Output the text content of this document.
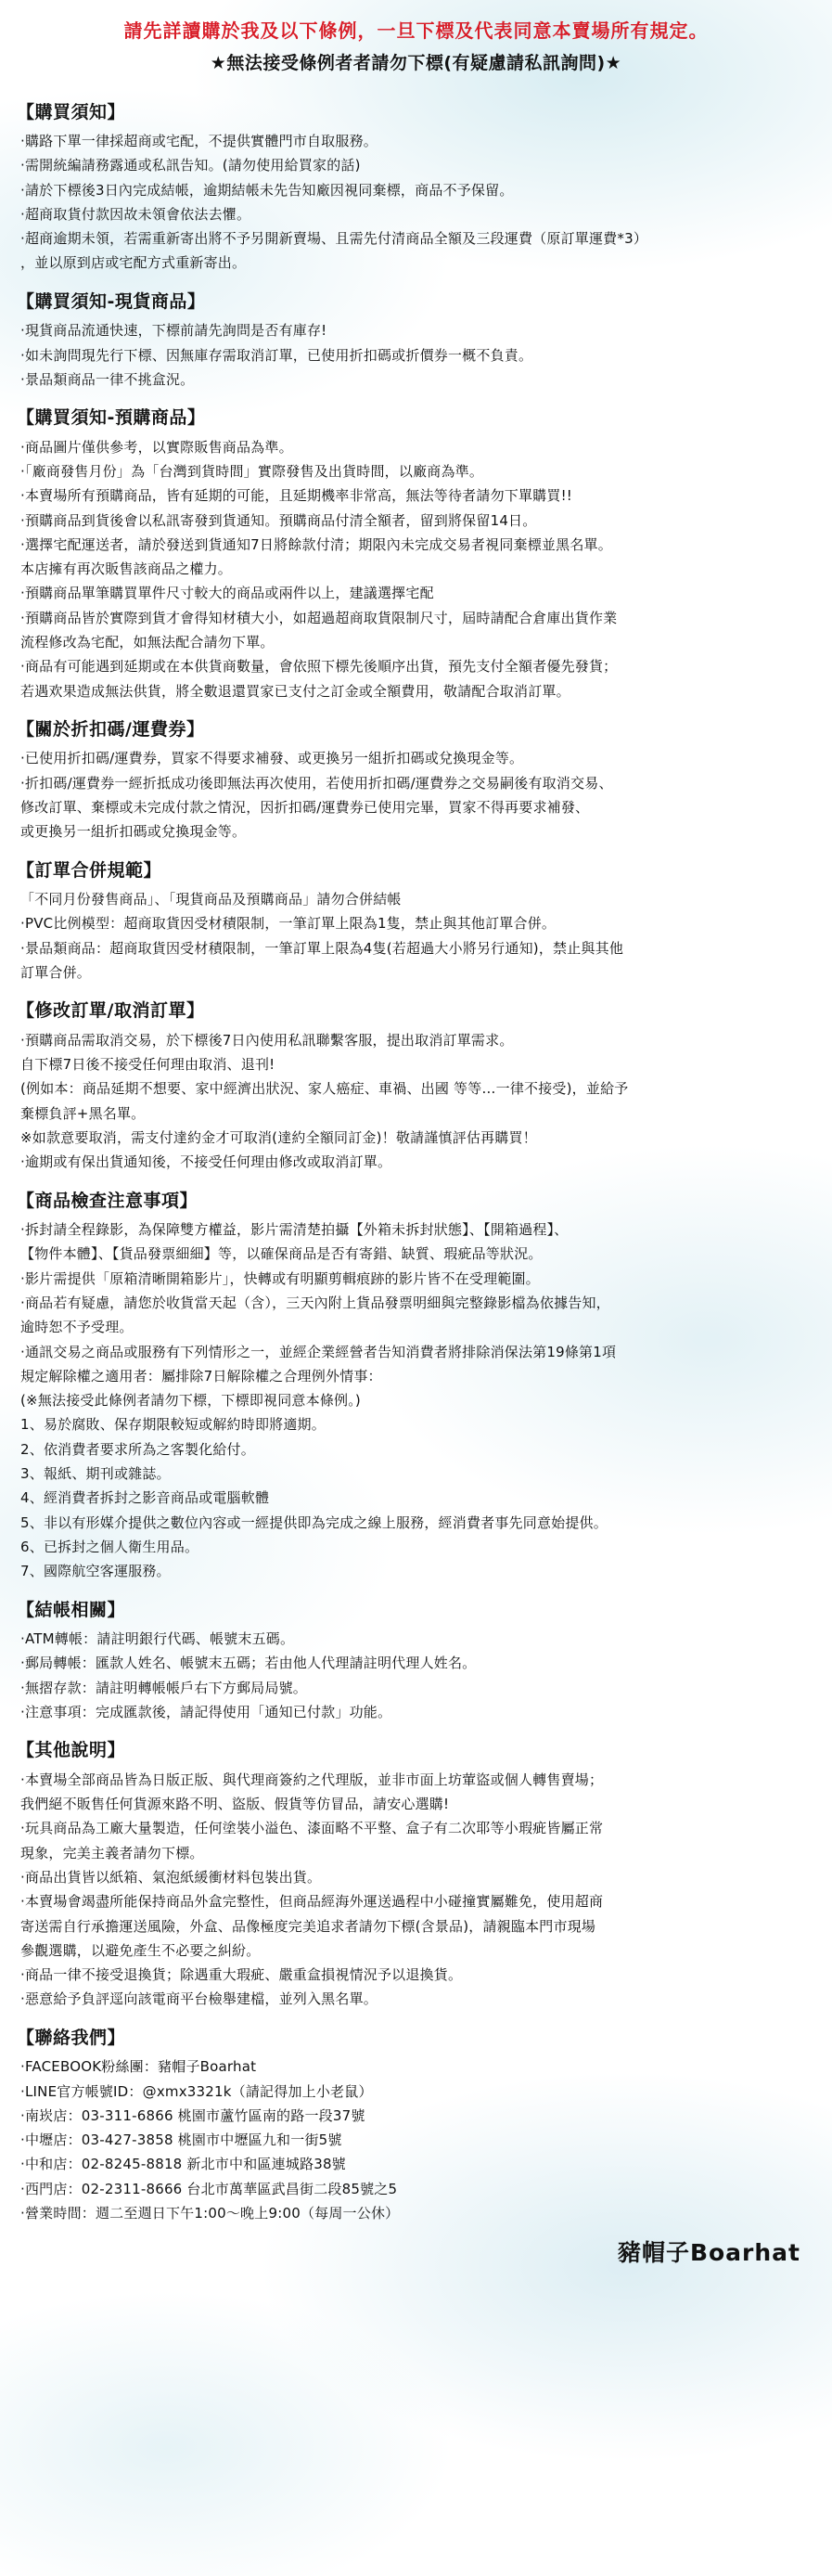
請先詳讀購於我及以下條例，一旦下標及代表同意本賣場所有規定。
★無法接受條例者者請勿下標(有疑慮請私訊詢問)★
【購買須知】
‧購路下單一律採超商或宅配，不提供實體門市自取服務。
‧需開統編請務露通或私訊告知。(請勿使用給買家的話)
‧請於下標後3日內完成結帳，逾期結帳未先告知廠因視同棄標，商品不予保留。
‧超商取貨付款因故未領會依法去懼。
‧超商逾期未領，若需重新寄出將不予另開新賣場、且需先付清商品全額及三段運費（原訂單運費*3）
，並以原到店或宅配方式重新寄出。
【購買須知-現貨商品】
‧現貨商品流通快速，下標前請先詢問是否有庫存!
‧如未詢問現先行下標、因無庫存需取消訂單，已使用折扣碼或折價券一概不負責。
‧景品類商品一律不挑盒況。
【購買須知-預購商品】
‧商品圖片僅供參考，以實際販售商品為準。
‧「廠商發售月份」為「台灣到貨時間」實際發售及出貨時間，以廠商為準。
‧本賣場所有預購商品，皆有延期的可能，且延期機率非常高，無法等待者請勿下單購買!!
‧預購商品到貨後會以私訊寄發到貨通知。預購商品付清全額者，留到將保留14日。
‧選擇宅配運送者，請於發送到貨通知7日將餘款付清；期限內未完成交易者視同棄標並黑名單。
本店擁有再次販售該商品之權力。
‧預購商品單筆購買單件尺寸較大的商品或兩件以上，建議選擇宅配
‧預購商品皆於實際到貨才會得知材積大小，如超過超商取貨限制尺寸，屆時請配合倉庫出貨作業
流程修改為宅配，如無法配合請勿下單。
‧商品有可能遇到延期或在本供貨商數量，會依照下標先後順序出貨，預先支付全額者優先發貨；
若遇欢果造成無法供貨，將全數退還買家已支付之訂金或全額費用，敬請配合取消訂單。
【關於折扣碼/運費券】
‧已使用折扣碼/運費券，買家不得要求補發、或更換另一組折扣碼或兌換現金等。
‧折扣碼/運費券一經折抵成功後即無法再次使用，若使用折扣碼/運費券之交易嗣後有取消交易、
修改訂單、棄標或未完成付款之情況，因折扣碼/運費券已使用完畢，買家不得再要求補發、
或更換另一組折扣碼或兌換現金等。
【訂單合併規範】
「不同月份發售商品」、「現貨商品及預購商品」請勿合併結帳
‧PVC比例模型：超商取貨因受材積限制，一筆訂單上限為1隻，禁止與其他訂單合併。
‧景品類商品：超商取貨因受材積限制，一筆訂單上限為4隻(若超過大小將另行通知)，禁止與其他
訂單合併。
【修改訂單/取消訂單】
‧預購商品需取消交易，於下標後7日內使用私訊聯繫客服，提出取消訂單需求。
自下標7日後不接受任何理由取消、退刊!
(例如本：商品延期不想要、家中經濟出狀況、家人癌症、車禍、出國 等等…一律不接受)，並給予
棄標負評+黑名單。
※如款意要取消，需支付達約金才可取消(達約全額同訂金)！敬請謹慎評估再購買！
‧逾期或有保出貨通知後，不接受任何理由修改或取消訂單。
【商品檢查注意事項】
‧拆封請全程錄影，為保障雙方權益，影片需清楚拍攝【外箱未拆封狀態】、【開箱過程】、
【物件本體】、【貨品發票細細】等，以確保商品是否有寄錯、缺質、瑕疵品等狀況。
‧影片需提供「原箱清晰開箱影片」，快轉或有明顯剪輯痕跡的影片皆不在受理範圍。
‧商品若有疑慮，請您於收貨當天起（含），三天內附上貨品發票明細與完整錄影檔為依據告知，
逾時恕不予受理。
‧通訊交易之商品或服務有下列情形之一，並經企業經營者告知消費者將排除消保法第19條第1項
規定解除權之適用者：屬排除7日解除權之合理例外情事：
(※無法接受此條例者請勿下標，下標即視同意本條例。)
1、易於腐敗、保存期限較短或解約時即將適期。
2、依消費者要求所為之客製化給付。
3、報紙、期刊或雜誌。
4、經消費者拆封之影音商品或電腦軟體
5、非以有形媒介提供之數位內容或一經提供即為完成之線上服務，經消費者事先同意始提供。
6、已拆封之個人衛生用品。
7、國際航空客運服務。
【結帳相關】
‧ATM轉帳：請註明銀行代碼、帳號末五碼。
‧郵局轉帳：匯款人姓名、帳號末五碼；若由他人代理請註明代理人姓名。
‧無摺存款：請註明轉帳帳戶右下方郵局局號。
‧注意事項：完成匯款後，請記得使用「通知已付款」功能。
【其他說明】
‧本賣場全部商品皆為日版正版、與代理商簽約之代理版，並非市面上坊葷盜或個人轉售賣場；
我們絕不販售任何貨源來路不明、盜版、假貨等仿冒品，請安心選購!
‧玩具商品為工廠大量製造，任何塗裝小溢色、漆面略不平整、盒子有二次耶等小瑕疵皆屬正常
現象，完美主義者請勿下標。
‧商品出貨皆以紙箱、氣泡紙緩衝材料包裝出貨。
‧本賣場會竭盡所能保持商品外盒完整性，但商品經海外運送過程中小碰撞實屬難免，使用超商
寄送需自行承擔運送風險，外盒、品像極度完美追求者請勿下標(含景品)，請親臨本門市現場
參觀選購，以避免產生不必要之糾紛。
‧商品一律不接受退換貨；除遇重大瑕疵、嚴重盒損視情況予以退換貨。
‧惡意給予負評逕向該電商平台檢舉建檔，並列入黑名單。
【聯絡我們】
‧FACEBOOK粉絲團：豬帽子Boarhat
‧LINE官方帳號ID：@xmx3321k（請記得加上小老鼠）
‧南崁店：03-311-6866 桃園市蘆竹區南的路一段37號
‧中壢店：03-427-3858 桃園市中壢區九和一街5號
‧中和店：02-8245-8818 新北市中和區連城路38號
‧西門店：02-2311-8666 台北市萬華區武昌街二段85號之5
‧營業時間：週二至週日下午1:00～晚上9:00（每周一公休）
豬帽子Boarhat
